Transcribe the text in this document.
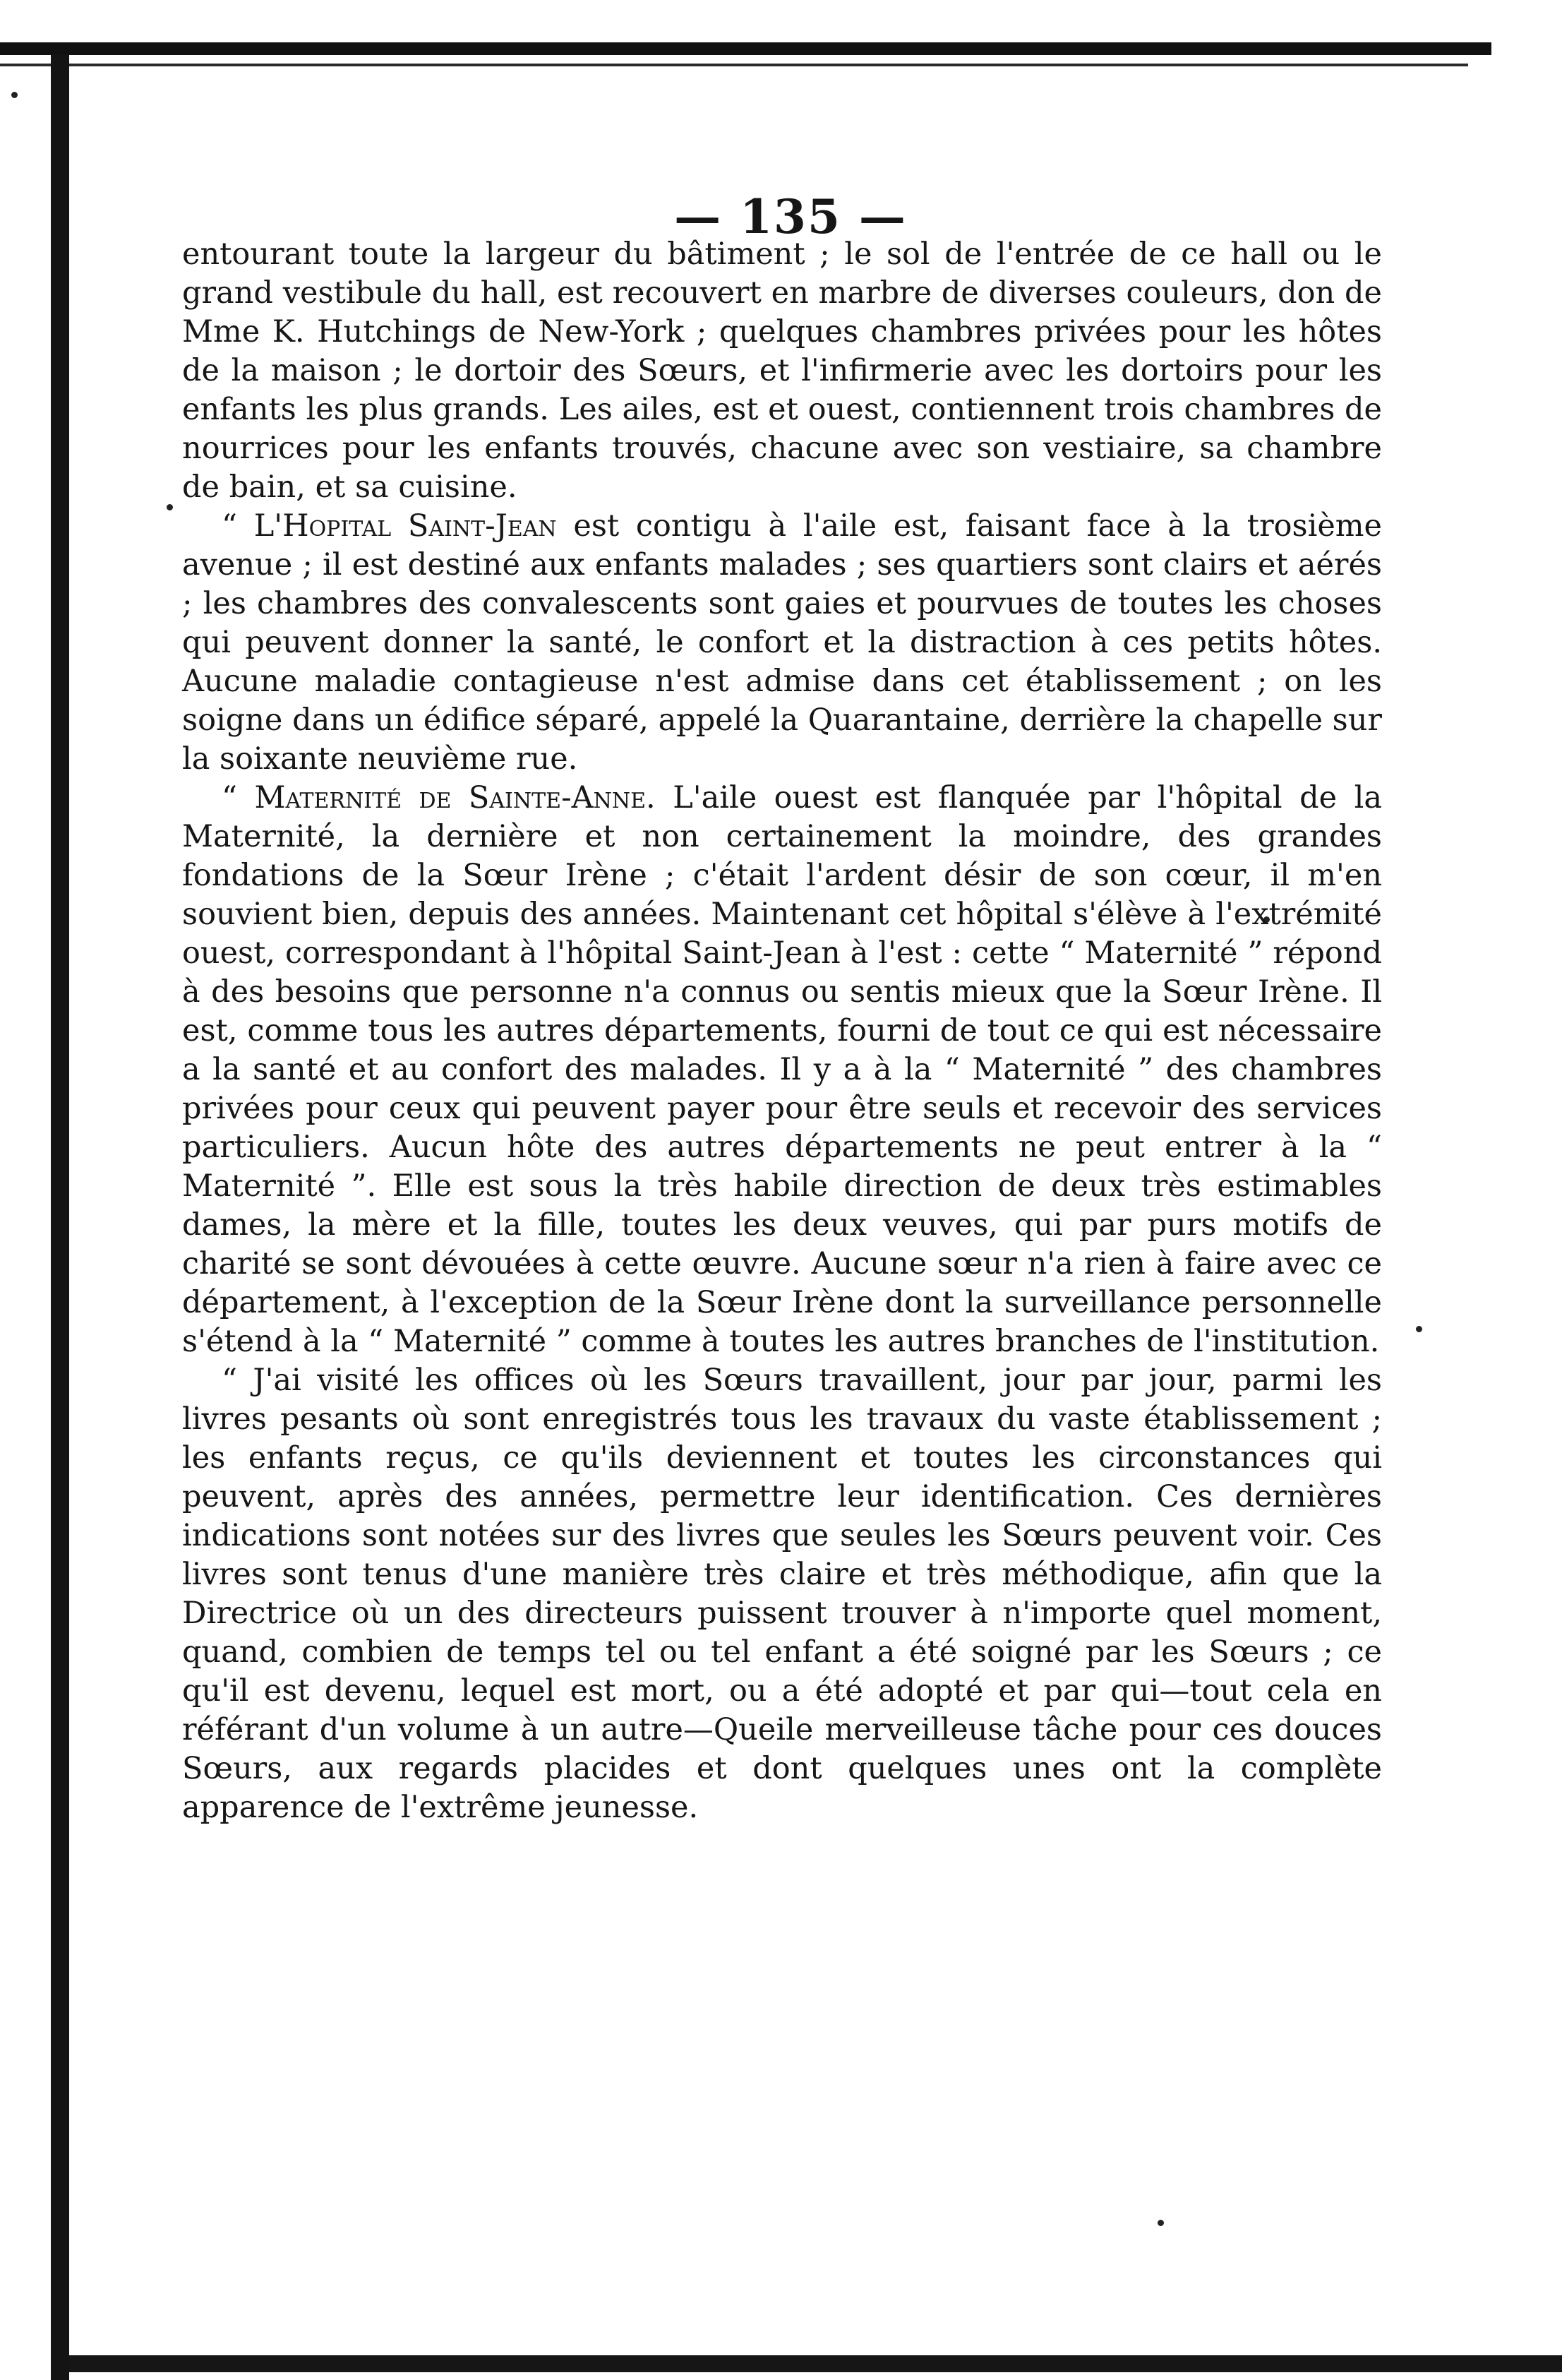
— 135 —

entourant toute la largeur du bâtiment ; le sol de l'entrée de ce hall ou le grand vestibule du hall, est recouvert en marbre de diverses couleurs, don de Mme K. Hutchings de New-York ; quelques chambres privées pour les hôtes de la maison ; le dortoir des Sœurs, et l'infirmerie avec les dortoirs pour les enfants les plus grands. Les ailes, est et ouest, contiennent trois chambres de nourrices pour les enfants trouvés, chacune avec son vestiaire, sa chambre de bain, et sa cuisine.

“ L'Hopital Saint-Jean est contigu à l'aile est, faisant face à la trosième avenue ; il est destiné aux enfants malades ; ses quartiers sont clairs et aérés ; les chambres des convalescents sont gaies et pourvues de toutes les choses qui peuvent donner la santé, le confort et la distraction à ces petits hôtes. Aucune maladie contagieuse n'est admise dans cet établissement ; on les soigne dans un édifice séparé, appelé la Quarantaine, derrière la chapelle sur la soixante neuvième rue.

“ Maternité de Sainte-Anne. L'aile ouest est flanquée par l'hôpital de la Maternité, la dernière et non certainement la moindre, des grandes fondations de la Sœur Irène ; c'était l'ardent désir de son cœur, il m'en souvient bien, depuis des années. Maintenant cet hôpital s'élève à l'extrémité ouest, correspondant à l'hôpital Saint-Jean à l'est : cette “ Maternité ” répond à des besoins que personne n'a connus ou sentis mieux que la Sœur Irène. Il est, comme tous les autres départements, fourni de tout ce qui est nécessaire a la santé et au confort des malades. Il y a à la “ Maternité ” des chambres privées pour ceux qui peuvent payer pour être seuls et recevoir des services particuliers. Aucun hôte des autres départements ne peut entrer à la “ Maternité ”. Elle est sous la très habile direction de deux très estimables dames, la mère et la fille, toutes les deux veuves, qui par purs motifs de charité se sont dévouées à cette œuvre. Aucune sœur n'a rien à faire avec ce département, à l'exception de la Sœur Irène dont la surveillance personnelle s'étend à la “ Maternité ” comme à toutes les autres branches de l'institution.

“ J'ai visité les offices où les Sœurs travaillent, jour par jour, parmi les livres pesants où sont enregistrés tous les travaux du vaste établissement ; les enfants reçus, ce qu'ils deviennent et toutes les circonstances qui peuvent, après des années, permettre leur identification. Ces dernières indications sont notées sur des livres que seules les Sœurs peuvent voir. Ces livres sont tenus d'une manière très claire et très méthodique, afin que la Directrice où un des directeurs puissent trouver à n'importe quel moment, quand, combien de temps tel ou tel enfant a été soigné par les Sœurs ; ce qu'il est devenu, lequel est mort, ou a été adopté et par qui—tout cela en référant d'un volume à un autre—Queile merveilleuse tâche pour ces douces Sœurs, aux regards placides et dont quelques unes ont la complète apparence de l'extrême jeunesse.
